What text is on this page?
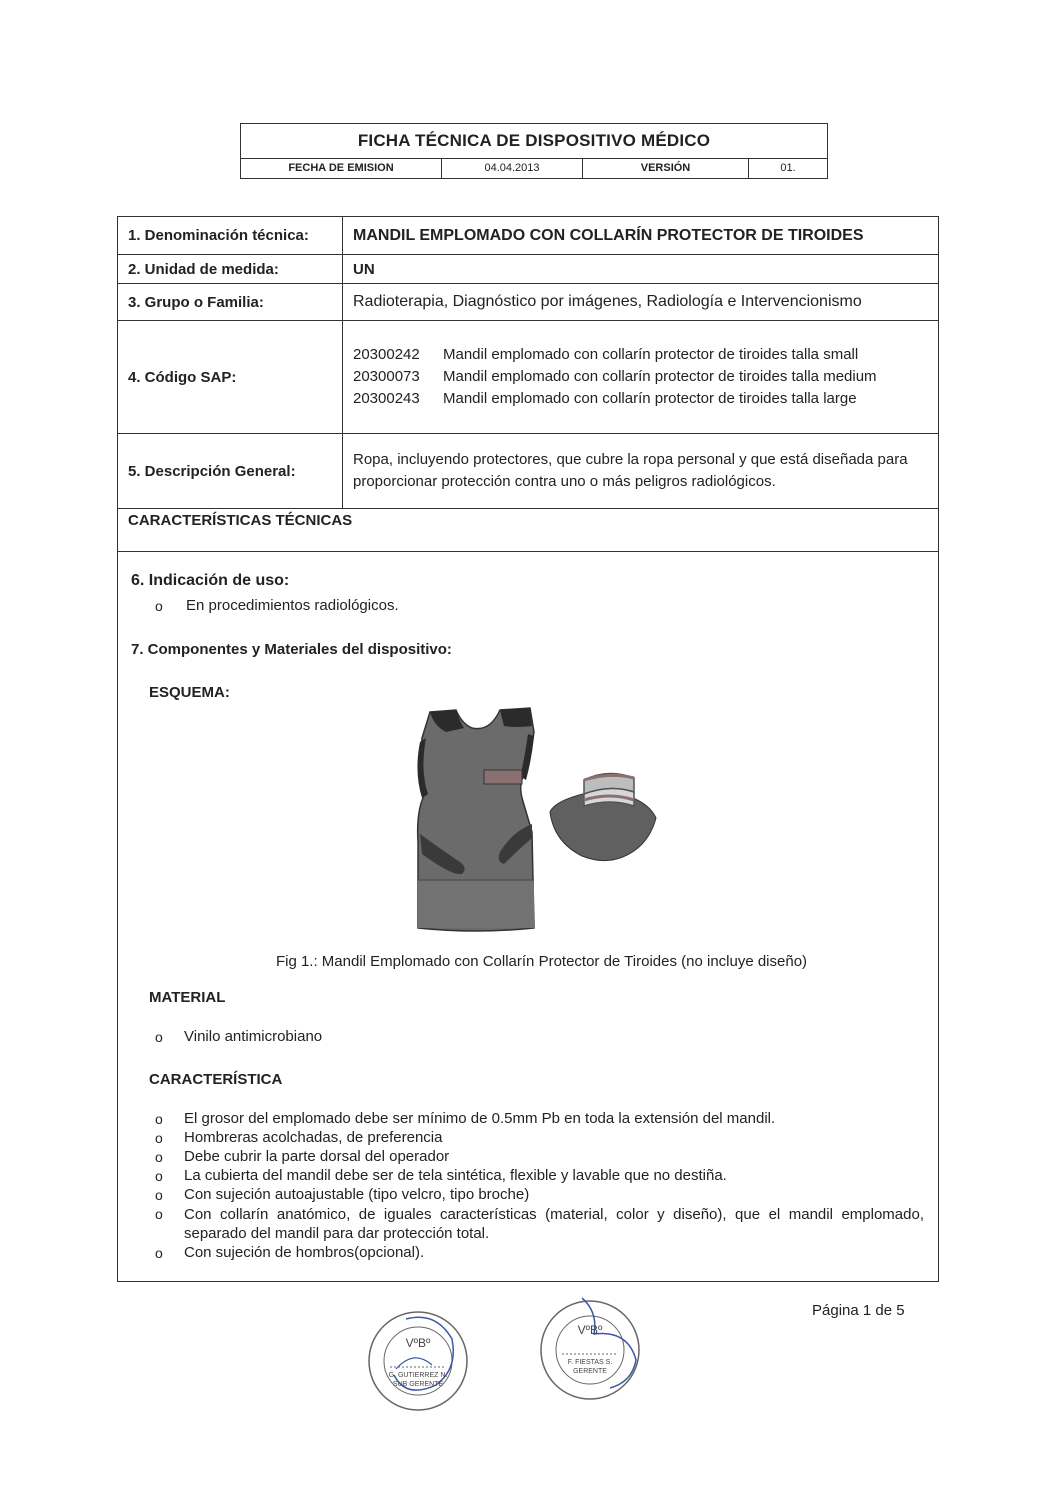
FICHA TÉCNICA DE DISPOSITIVO MÉDICO
FECHA DE EMISION	04.04.2013	VERSIÓN	01.
1. Denominación técnica:	MANDIL EMPLOMADO CON COLLARÍN PROTECTOR DE TIROIDES
2. Unidad de medida:	UN
3. Grupo o Familia:	Radioterapia, Diagnóstico por imágenes, Radiología e Intervencionismo
4. Código SAP:	20300242 Mandil emplomado con collarín protector de tiroides talla small
20300073 Mandil emplomado con collarín protector de tiroides talla medium
20300243 Mandil emplomado con collarín protector de tiroides talla large

5. Descripción General:	Ropa, incluyendo protectores, que cubre la ropa personal y que está diseñada para proporcionar protección contra uno o más peligros radiológicos.
CARACTERÍSTICAS TÉCNICAS
6. Indicación de uso:
o En procedimientos radiológicos.
7. Componentes y Materiales del dispositivo:
ESQUEMA:
Fig 1.: Mandil Emplomado con Collarín Protector de Tiroides (no incluye diseño)
MATERIAL
o Vinilo antimicrobiano
CARACTERÍSTICA
o El grosor del emplomado debe ser mínimo de 0.5mm Pb en toda la extensión del mandil.
o Hombreras acolchadas, de preferencia
o Debe cubrir la parte dorsal del operador
o La cubierta del mandil debe ser de tela sintética, flexible y lavable que no destiña.
o Con sujeción autoajustable (tipo velcro, tipo broche)
o Con collarín anatómico, de iguales características (material, color y diseño), que el mandil emplomado, separado del mandil para dar protección total.
o Con sujeción de hombros(opcional).
Página 1 de 5
VºBº
G. GUTIERREZ N.
SUB GERENTE
VºBº
F. FIESTAS S.
GERENTE
